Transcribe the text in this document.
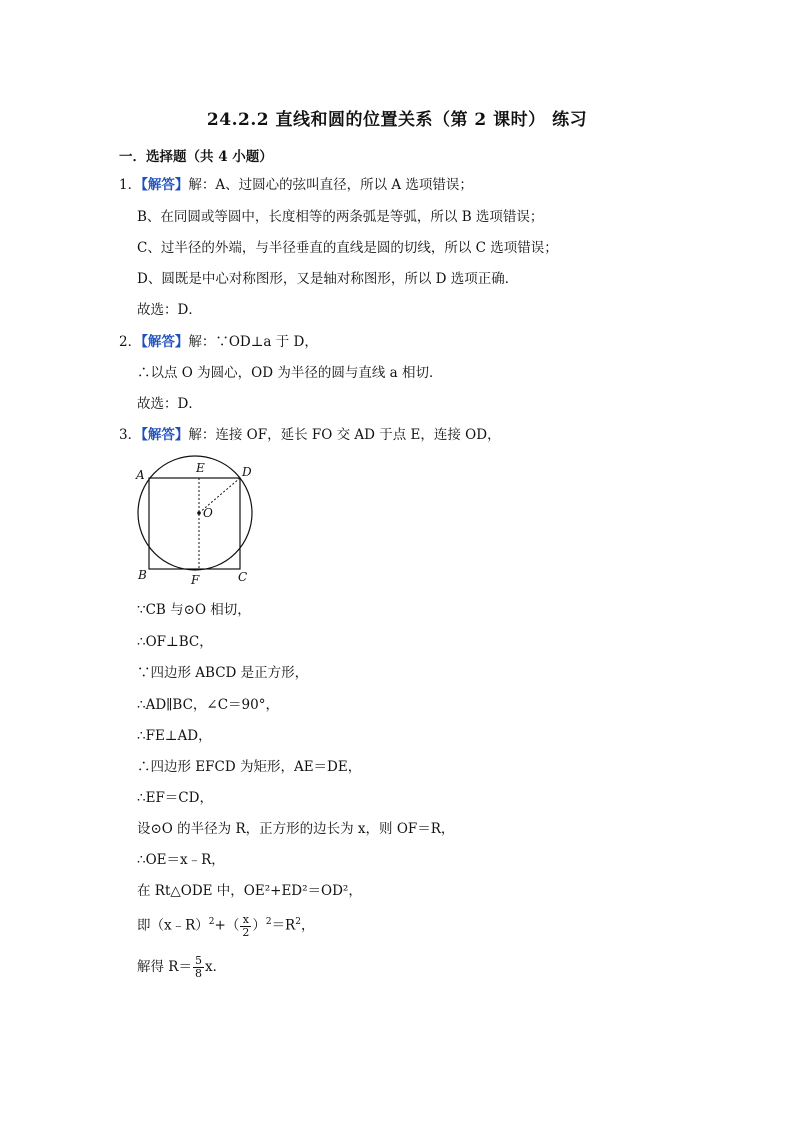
24.2.2 直线和圆的位置关系（第 2 课时） 练习
一．选择题（共 4 小题）
1．【解答】解：A、过圆心的弦叫直径，所以 A 选项错误；
B、在同圆或等圆中，长度相等的两条弧是等弧，所以 B 选项错误；
C、过半径的外端，与半径垂直的直线是圆的切线，所以 C 选项错误；
D、圆既是中心对称图形，又是轴对称图形，所以 D 选项正确．
故选：D．
2．【解答】解：∵OD⊥a 于 D，
∴以点 O 为圆心，OD 为半径的圆与直线 a 相切．
故选：D．
3．【解答】解：连接 OF，延长 FO 交 AD 于点 E，连接 OD，
A	E	D
O
B	F	C
∵CB 与⊙O 相切，
∴OF⊥BC，
∵四边形 ABCD 是正方形，
∴AD∥BC，∠C＝90°，
∴FE⊥AD，
∴四边形 EFCD 为矩形，AE＝DE，
∴EF＝CD，
设⊙O 的半径为 R，正方形的边长为 x，则 OF＝R，
∴OE＝x﹣R，
在 Rt△ODE 中，OE²+ED²＝OD²，
即（x﹣R）$^2$+（ $\frac{x}{2} )^2=R^2$，
解得 $R= \frac{5}{8}$ x．
